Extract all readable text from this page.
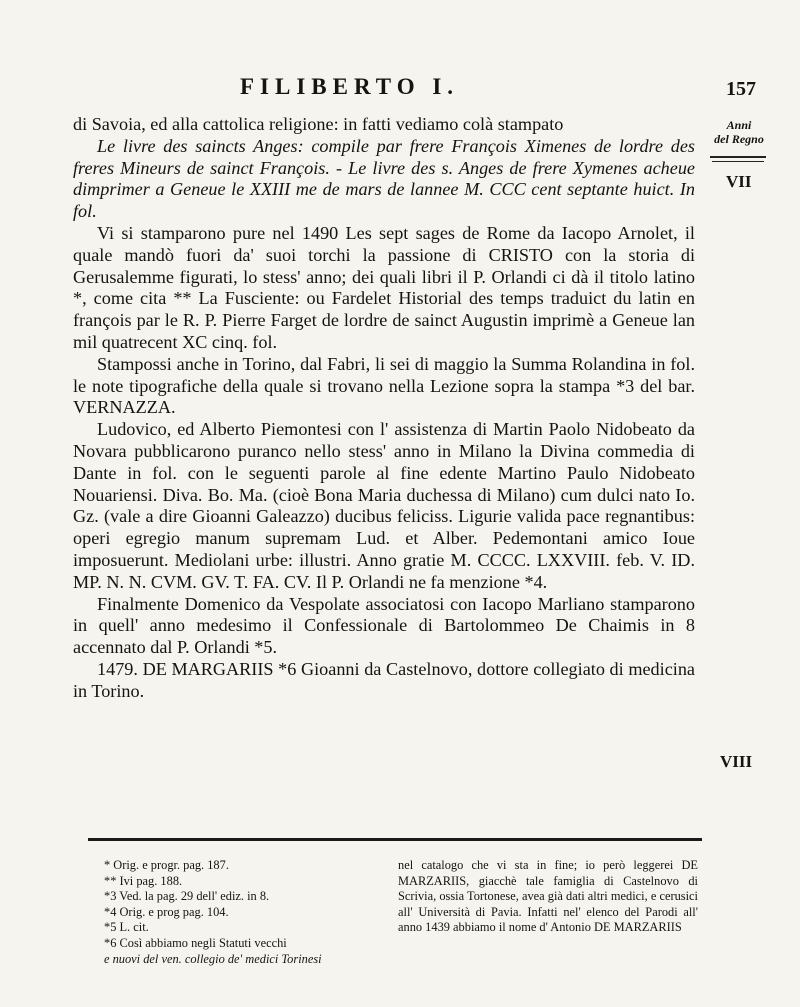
FILIBERTO I.	157
Anni
del Regno
VII
VIII

di Savoia, ed alla cattolica religione: in fatti vediamo colà stampato

Le livre des saincts Anges: compile par frere François Ximenes de lordre des freres Mineurs de sainct François. - Le livre des s. Anges de frere Xymenes acheue dimprimer a Geneue le XXIII me de mars de lannee M. CCC cent septante huict. In fol.

Vi si stamparono pure nel 1490 Les sept sages de Rome da Iacopo Arnolet, il quale mandò fuori da' suoi torchi la passione di CRISTO con la storia di Gerusalemme figurati, lo stess' anno; dei quali libri il P. Orlandi ci dà il titolo latino *, come cita ** La Fusciente: ou Fardelet Historial des temps traduict du latin en françois par le R. P. Pierre Farget de lordre de sainct Augustin imprimè a Geneue lan mil quatrecent XC cinq. fol.

Stampossi anche in Torino, dal Fabri, li sei di maggio la Summa Rolandina in fol. le note tipografiche della quale si trovano nella Lezione sopra la stampa *3 del bar. VERNAZZA.

Ludovico, ed Alberto Piemontesi con l' assistenza di Martin Paolo Nidobeato da Novara pubblicarono puranco nello stess' anno in Milano la Divina commedia di Dante in fol. con le seguenti parole al fine edente Martino Paulo Nidobeato Nouariensi. Diva. Bo. Ma. (cioè Bona Maria duchessa di Milano) cum dulci nato Io. Gz. (vale a dire Gioanni Galeazzo) ducibus feliciss. Ligurie valida pace regnantibus: operi egregio manum supremam Lud. et Alber. Pedemontani amico Ioue imposuerunt. Mediolani urbe: illustri. Anno gratie M. CCCC. LXXVIII. feb. V. ID. MP. N. N. CVM. GV. T. FA. CV. Il P. Orlandi ne fa menzione *4.

Finalmente Domenico da Vespolate associatosi con Iacopo Marliano stamparono in quell' anno medesimo il Confessionale di Bartolommeo De Chaimis in 8 accennato dal P. Orlandi *5.

1479. DE MARGARIIS *6 Gioanni da Castelnovo, dottore collegiato di medicina in Torino.

* Orig. e progr. pag. 187.
** Ivi pag. 188.
*3 Ved. la pag. 29 dell' ediz. in 8.
*4 Orig. e prog pag. 104.
*5 L. cit.
*6 Così abbiamo negli Statuti vecchi
e nuovi del ven. collegio de' medici Torinesi

nel catalogo che vi sta in fine; io però leggerei DE MARZARIIS, giacchè tale famiglia di Castelnovo di Scrivia, ossia Tortonese, avea già dati altri medici, e cerusici all' Università di Pavia. Infatti nel' elenco del Parodi all' anno 1439 abbiamo il nome d' Antonio DE MARZARIIS
